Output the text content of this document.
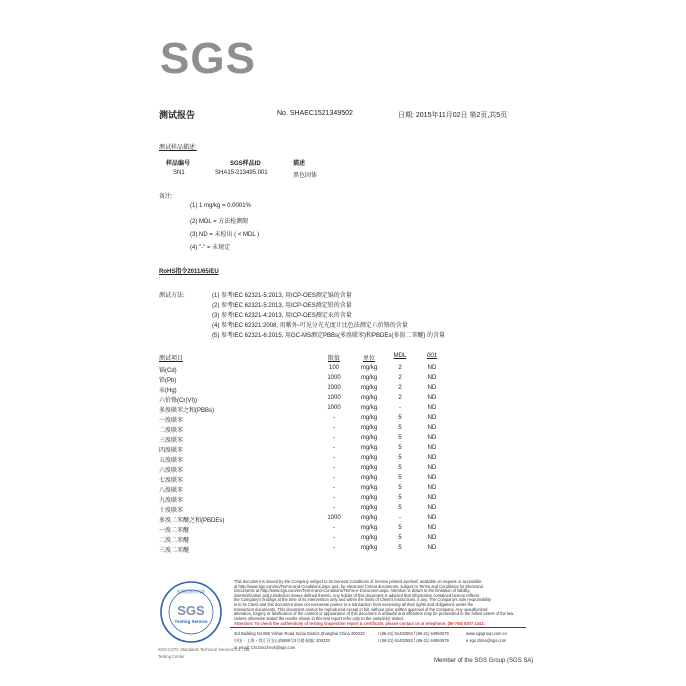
SGS
测试报告	No. SHAEC1521349502	日期: 2015年11月02日 第2页,共5页
测试样品描述:
样品编号	SGS样品ID	描述
SN1	SHA15-213495.001	黑色固体
备注:
(1) 1 mg/kg = 0.0001%
(2) MDL = 方法检测限
(3) ND = 未检出 ( < MDL )
(4) "-" = 未规定
RoHS指令2011/65/EU
测试方法:	(1) 参考IEC 62321-5:2013, 用ICP-OES测定镉的含量
(2) 参考IEC 62321-5:2013, 用ICP-OES测定铅的含量
(3) 参考IEC 62321-4:2013, 用ICP-OES测定汞的含量
(4) 参考IEC 62321:2008, 用紫外-可见分光光度计比色法测定六价铬的含量
(5) 参考IEC 62321-6:2015, 用GC-MS测定PBBs(多溴联苯)和PBDEs(多溴二苯醚) 的含量
测试项目	限值	单位	MDL	001
镉(Cd)	100	mg/kg	2	ND
铅(Pb)	1000	mg/kg	2	ND
汞(Hg)	1000	mg/kg	2	ND
六价铬(Cr(VI))	1000	mg/kg	2	ND
多溴联苯之和(PBBs)	1000	mg/kg	-	ND
一溴联苯	-	mg/kg	5	ND
二溴联苯	-	mg/kg	5	ND
三溴联苯	-	mg/kg	5	ND
四溴联苯	-	mg/kg	5	ND
五溴联苯	-	mg/kg	5	ND
六溴联苯	-	mg/kg	5	ND
七溴联苯	-	mg/kg	5	ND
八溴联苯	-	mg/kg	5	ND
九溴联苯	-	mg/kg	5	ND
十溴联苯	-	mg/kg	5	ND
多溴二苯醚之和(PBDEs)	1000	mg/kg	-	ND
一溴二苯醚	-	mg/kg	5	ND
二溴二苯醚	-	mg/kg	5	ND
三溴二苯醚	-	mg/kg	5	ND
SGS
Testing Service
检验检测专用章
SGS-CSTC Standards Technical Services Co., Ltd.
Testing Center
This document is issued by the Company subject to its General Conditions of Service printed overleaf, available on request or accessible
at http://www.sgs.com/en/Terms-and-Conditions.aspx and, for electronic format documents, subject to Terms and Conditions for Electronic
Documents at http://www.sgs.com/en/Terms-and-Conditions/Terms-e-Document.aspx. Attention is drawn to the limitation of liability,
indemnification and jurisdiction issues defined therein. Any holder of this document is advised that information contained hereon reflects
the Company's findings at the time of its intervention only and within the limits of Client's instructions, if any. The Company's sole responsibility
is to its Client and this document does not exonerate parties to a transaction from exercising all their rights and obligations under the
transaction documents. This document cannot be reproduced except in full, without prior written approval of the Company. Any unauthorized
alteration, forgery or falsification of the content or appearance of this document is unlawful and offenders may be prosecuted to the fullest extent of the law.
Unless otherwise stated the results shown in this test report refer only to the sample(s) tested.
Attention: To check the authenticity of testing /inspection report & certificate, please contact us at telephone: (86-755) 8307 1443,
3rd Building No.889 Yishan Road Xuhui District,Shanghai China 200233
中国・上海・徐汇区宜山路889号3号楼 邮编: 200233
t (86-21) 61402553 f (86-21) 64953679
t (86-21) 61402553 f (86-21) 64953679
www.sgsgroup.com.cn
e sgs.china@sgs.com
or email: CN.Doccheck@sgs.com
Member of the SGS Group (SGS SA)
